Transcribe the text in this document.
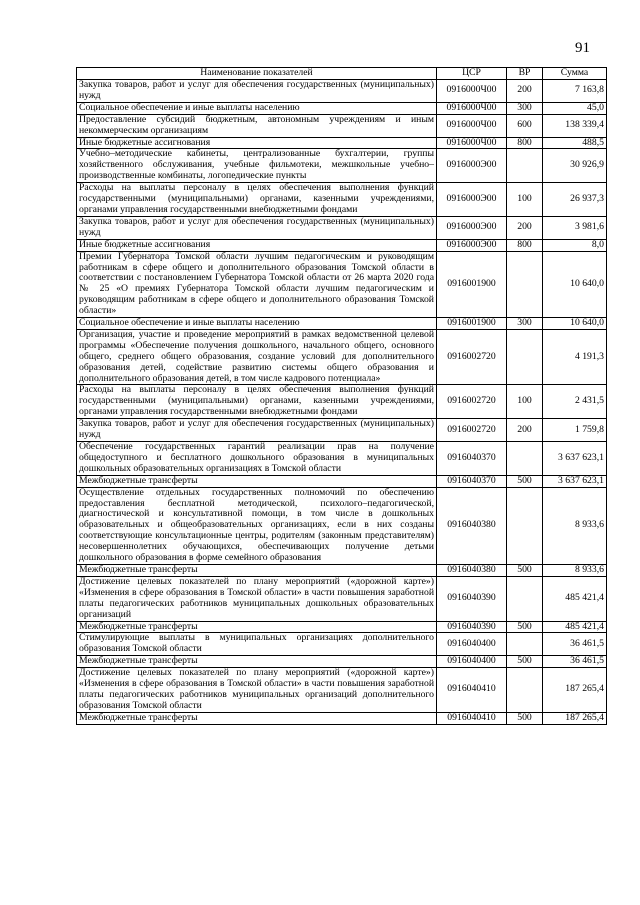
91
Наименование показателей	ЦСР	ВР	Сумма
Закупка товаров, работ и услуг для обеспечения государственных (муниципальных) нужд	0916000Ч00	200	7 163,8
Социальное обеспечение и иные выплаты населению	0916000Ч00	300	45,0
Предоставление субсидий бюджетным, автономным учреждениям и иным некоммерческим организациям	0916000Ч00	600	138 339,4
Иные бюджетные ассигнования	0916000Ч00	800	488,5
Учебно–методические кабинеты, централизованные бухгалтерии, группы хозяйственного обслуживания, учебные фильмотеки, межшкольные учебно–производственные комбинаты, логопедические пункты	0916000Э00		30 926,9
Расходы на выплаты персоналу в целях обеспечения выполнения функций государственными (муниципальными) органами, казенными учреждениями, органами управления государственными внебюджетными фондами	0916000Э00	100	26 937,3
Закупка товаров, работ и услуг для обеспечения государственных (муниципальных) нужд	0916000Э00	200	3 981,6
Иные бюджетные ассигнования	0916000Э00	800	8,0
Премии Губернатора Томской области лучшим педагогическим и руководящим работникам в сфере общего и дополнительного образования Томской области в соответствии с постановлением Губернатора Томской области от 26 марта 2020 года № 25 «О премиях Губернатора Томской области лучшим педагогическим и руководящим работникам в сфере общего и дополнительного образования Томской области»	0916001900		10 640,0
Социальное обеспечение и иные выплаты населению	0916001900	300	10 640,0
Организация, участие и проведение мероприятий в рамках ведомственной целевой программы «Обеспечение получения дошкольного, начального общего, основного общего, среднего общего образования, создание условий для дополнительного образования детей, содействие развитию системы общего образования и дополнительного образования детей, в том числе кадрового потенциала»	0916002720		4 191,3
Расходы на выплаты персоналу в целях обеспечения выполнения функций государственными (муниципальными) органами, казенными учреждениями, органами управления государственными внебюджетными фондами	0916002720	100	2 431,5
Закупка товаров, работ и услуг для обеспечения государственных (муниципальных) нужд	0916002720	200	1 759,8
Обеспечение государственных гарантий реализации прав на получение общедоступного и бесплатного дошкольного образования в муниципальных дошкольных образовательных организациях в Томской области	0916040370		3 637 623,1
Межбюджетные трансферты	0916040370	500	3 637 623,1
Осуществление отдельных государственных полномочий по обеспечению предоставления бесплатной методической, психолого–педагогической, диагностической и консультативной помощи, в том числе в дошкольных образовательных и общеобразовательных организациях, если в них созданы соответствующие консультационные центры, родителям (законным представителям) несовершеннолетних обучающихся, обеспечивающих получение детьми дошкольного образования в форме семейного образования	0916040380		8 933,6
Межбюджетные трансферты	0916040380	500	8 933,6
Достижение целевых показателей по плану мероприятий («дорожной карте») «Изменения в сфере образования в Томской области» в части повышения заработной платы педагогических работников муниципальных дошкольных образовательных организаций	0916040390		485 421,4
Межбюджетные трансферты	0916040390	500	485 421,4
Стимулирующие выплаты в муниципальных организациях дополнительного образования Томской области	0916040400		36 461,5
Межбюджетные трансферты	0916040400	500	36 461,5
Достижение целевых показателей по плану мероприятий («дорожной карте») «Изменения в сфере образования в Томской области» в части повышения заработной платы педагогических работников муниципальных организаций дополнительного образования Томской области	0916040410		187 265,4
Межбюджетные трансферты	0916040410	500	187 265,4
